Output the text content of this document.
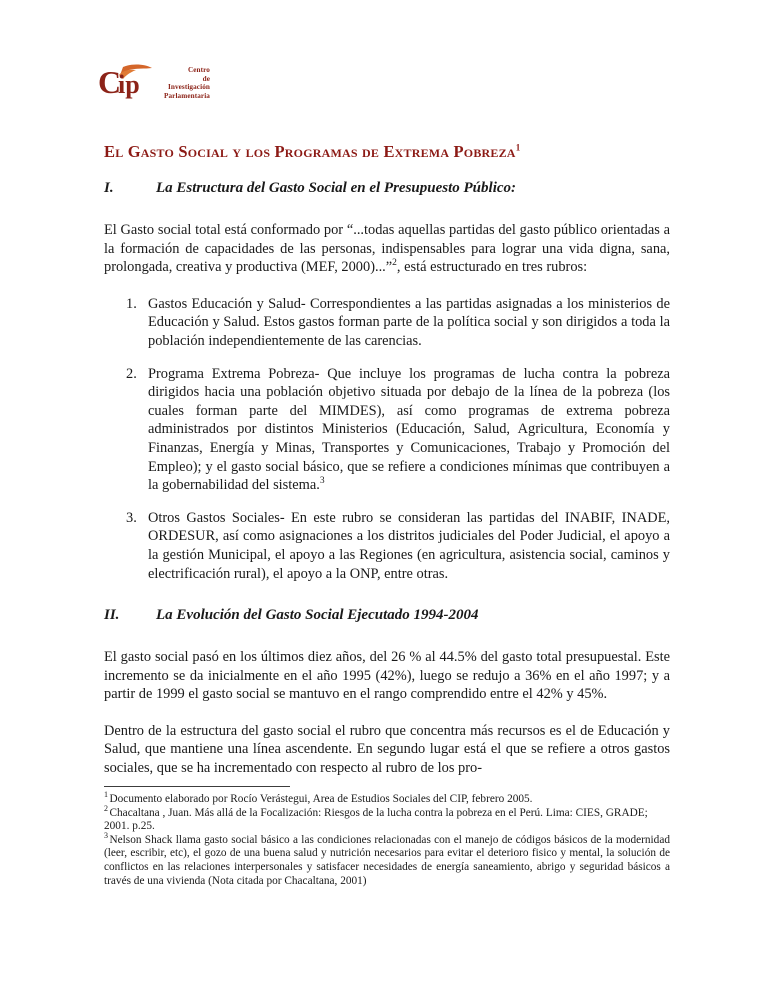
C
ip	Centro
de
Investigación
Parlamentaria
El Gasto Social y los Programas de Extrema Pobreza$^1$
I.	La Estructura del Gasto Social en el Presupuesto Público:

El Gasto social total está conformado por “...todas aquellas partidas del gasto público orientadas a la formación de capacidades de las personas, indispensables para lograr una vida digna, sana, prolongada, creativa y productiva (MEF, 2000)...”$^2$, está estructurado en tres rubros:

1. Gastos Educación y Salud- Correspondientes a las partidas asignadas a los ministerios de Educación y Salud. Estos gastos forman parte de la política social y son dirigidos a toda la población independientemente de las carencias.
2. Programa Extrema Pobreza- Que incluye los programas de lucha contra la pobreza dirigidos hacia una población objetivo situada por debajo de la línea de la pobreza (los cuales forman parte del MIMDES), así como programas de extrema pobreza administrados por distintos Ministerios (Educación, Salud, Agricultura, Economía y Finanzas, Energía y Minas, Transportes y Comunicaciones, Trabajo y Promoción del Empleo); y el gasto social básico, que se refiere a condiciones mínimas que contribuyen a la gobernabilidad del sistema.$^3$
3. Otros Gastos Sociales- En este rubro se consideran las partidas del INABIF, INADE, ORDESUR, así como asignaciones a los distritos judiciales del Poder Judicial, el apoyo a la gestión Municipal, el apoyo a las Regiones (en agricultura, asistencia social, caminos y electrificación rural), el apoyo a la ONP, entre otras.
II. La Evolución del Gasto Social Ejecutado 1994-2004

El gasto social pasó en los últimos diez años, del 26 % al 44.5% del gasto total presupuestal. Este incremento se da inicialmente en el año 1995 (42%), luego se redujo a 36% en el año 1997; y a partir de 1999 el gasto social se mantuvo en el rango comprendido entre el 42% y 45%.

Dentro de la estructura del gasto social el rubro que concentra más recursos es el de Educación y Salud, que mantiene una línea ascendente. En segundo lugar está el que se refiere a otros gastos sociales, que se ha incrementado con respecto al rubro de los pro-

$^1$ Documento elaborado por Rocío Verástegui, Area de Estudios Sociales del CIP, febrero 2005.

$^2$ Chacaltana , Juan. Más allá de la Focalización: Riesgos de la lucha contra la pobreza en el Perú. Lima: CIES, GRADE; 2001. p.25.

$^3$ Nelson Shack llama gasto social básico a las condiciones relacionadas con el manejo de códigos básicos de la modernidad (leer, escribir, etc), el gozo de una buena salud y nutrición necesarios para evitar el deterioro fisico y mental, la solución de conflictos en las relaciones interpersonales y satisfacer necesidades de energía saneamiento, abrigo y seguridad básicos a través de una vivienda (Nota citada por Chacaltana, 2001)
